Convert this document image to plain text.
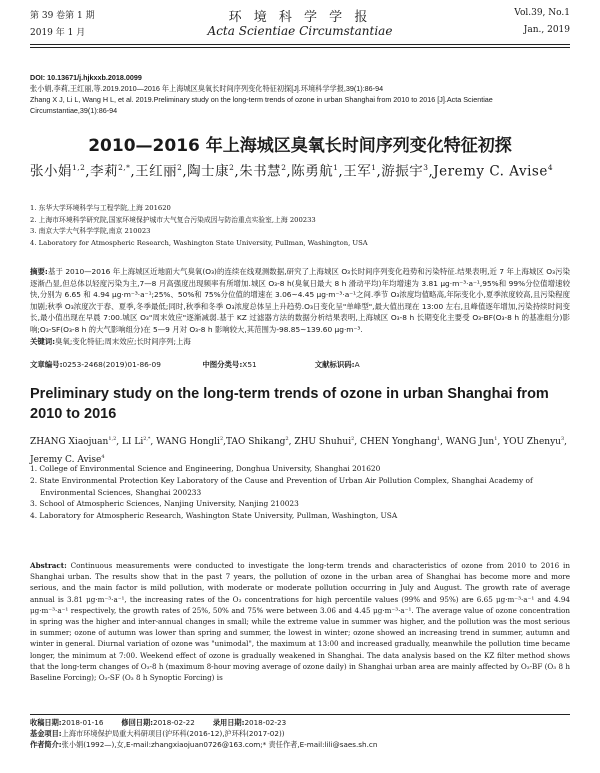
第 39 卷第 1 期
2019 年 1 月
环 境 科 学 学 报
Acta Scientiae Circumstantiae
Vol.39, No.1
Jan., 2019
DOI: 10.13671/j.hjkxxb.2018.0099
张小娟,李莉,王红丽,等.2019.2010—2016 年上海城区臭氧长时间序列变化特征初探[J].环境科学学报,39(1):86-94
Zhang X J, Li L, Wang H L, et al. 2019.Preliminary study on the long-term trends of ozone in urban Shanghai from 2010 to 2016 [J].Acta Scientiae
Circumstantiae,39(1):86-94
2010—2016 年上海城区臭氧长时间序列变化特征初探
张小娟$^{1,2}$,李莉$^{2,*}$,王红丽$^2$,陶士康$^2$,朱书慧$^2$,陈勇航$^1$,王军$^1$,游振宇$^3$,Jeremy C. Avise$^4$
1. 东华大学环境科学与工程学院,上海 201620
2. 上海市环境科学研究院,国家环境保护城市大气复合污染成因与防治重点实验室,上海 200233
3. 南京大学大气科学学院,南京 210023
4. Laboratory for Atmospheric Research, Washington State University, Pullman, Washington, USA
摘要:基于 2010—2016 年上海城区近地面大气臭氧(O₃)的连续在线观测数据,研究了上海城区 O₃长时间序列变化趋势和污染特征.结果表明,近 7 年上海城区 O₃污染逐渐凸显,但总体以轻度污染为主,7—8 月高强度出现频率有所增加.城区 O₃-8 h(臭氧日最大 8 h 滑动平均)年均增速为 3.81 μg·m⁻³·a⁻¹,95%和 99%分位值增速较快,分别为 6.65 和 4.94 μg·m⁻³·a⁻¹;25%、50%和 75%分位值的增速在 3.06~4.45 μg·m⁻³·a⁻¹之间.季节 O₃浓度均值略高,年际变化小,夏季浓度较高,且污染程度加剧;秋季 O₃浓度次于春、夏季,冬季最低;同时,秋季和冬季 O₃浓度总体呈上升趋势.O₃日变化呈"单峰型",最大值出现在 13:00 左右,且峰值逐年增加,污染持续时间变长,最小值出现在早晨 7:00.城区 O₃"周末效应"逐渐减弱.基于 KZ 过滤器方法的数据分析结果表明,上海城区 O₃-8 h 长期变化主要受 O₃-BF(O₃-8 h 的基准组分)影响;O₃-SF(O₃-8 h 的大气影响组分)在 5—9 月对 O₃-8 h 影响较大,其范围为-98.85~139.60 μg·m⁻³.
关键词:臭氧;变化特征;周末效应;长时间序列;上海
文章编号:0253-2468(2019)01-86-09	中图分类号:X51	文献标识码:A
Preliminary study on the long-term trends of ozone in urban Shanghai from 2010 to 2016
ZHANG Xiaojuan$^{1,2}$, LI $Li^{2,*}$, WANG Hongli$^2$,TAO Shikang$^2$, ZHU Shuhui$^2$, CHEN Yonghang$^1$, WANG Jun$^1$, YOU Zhenyu$^3$, Jeremy C. Avise$^4$
1. College of Environmental Science and Engineering, Donghua University, Shanghai 201620
2. State Environmental Protection Key Laboratory of the Cause and Prevention of Urban Air Pollution Complex, Shanghai Academy of Environmental Sciences, Shanghai 200233
3. School of Atmospheric Sciences, Nanjing University, Nanjing 210023
4. Laboratory for Atmospheric Research, Washington State University, Pullman, Washington, USA
Abstract: Continuous measurements were conducted to investigate the long-term trends and characteristics of ozone from 2010 to 2016 in Shanghai urban. The results show that in the past 7 years, the pollution of ozone in the urban area of Shanghai has become more and more serious, and the main factor is mild pollution, with moderate or moderate pollution occurring in July and August. The growth rate of average annual is 3.81 μg·m⁻³·a⁻¹, the increasing rates of the O₃ concentrations for high percentile values (99% and 95%) are 6.65 μg·m⁻³·a⁻¹ and 4.94 μg·m⁻³·a⁻¹ respectively, the growth rates of 25%, 50% and 75% were between 3.06 and 4.45 μg·m⁻³·a⁻¹. The average value of ozone concentration in spring was the higher and inter-annual changes in small; while the extreme value in summer was higher, and the pollution was the most serious in summer; ozone of autumn was lower than spring and summer, the lowest in winter; ozone showed an increasing trend in summer, autumn and winter in general. Diurnal variation of ozone was "unimodal", the maximum at 13:00 and increased gradually, meanwhile the pollution time became longer, the minimum at 7:00. Weekend effect of ozone is gradually weakened in Shanghai. The data analysis based on the KZ filter method shows that the long-term changes of O₃-8 h (maximum 8-hour moving average of ozone daily) in Shanghai urban area are mainly affected by O₃-BF (O₃ 8 h Baseline Forcing); O₃-SF (O₃ 8 h Synoptic Forcing) is
收稿日期:2018-01-16	修回日期:2018-02-22	录用日期:2018-02-23
基金项目:上海市环境保护局重大科研项目(沪环科(2016-12),沪环科(2017-02))
作者简介:张小娟(1992—),女,E-mail:zhangxiaojuan0726@163.com;* 责任作者,E-mail:lili@saes.sh.cn
